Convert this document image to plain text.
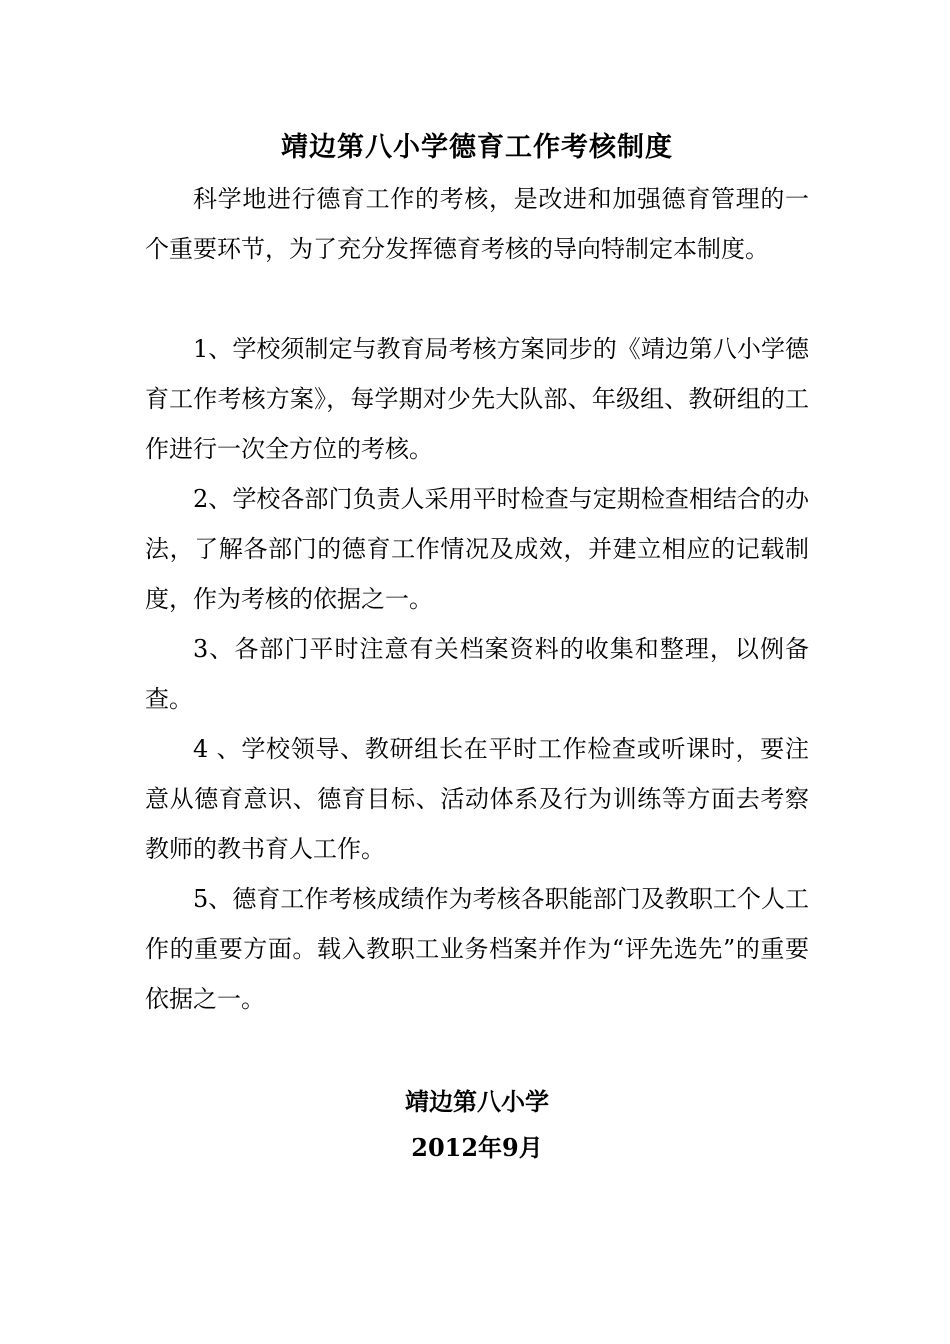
靖边第八小学德育工作考核制度

科学地进行德育工作的考核，是改进和加强德育管理的一个重要环节，为了充分发挥德育考核的导向特制定本制度。

1、学校须制定与教育局考核方案同步的《靖边第八小学德育工作考核方案》，每学期对少先大队部、年级组、教研组的工作进行一次全方位的考核。

2、学校各部门负责人采用平时检查与定期检查相结合的办法，了解各部门的德育工作情况及成效，并建立相应的记载制度，作为考核的依据之一。

3、各部门平时注意有关档案资料的收集和整理，以例备查。

4 、学校领导、教研组长在平时工作检查或听课时，要注意从德育意识、德育目标、活动体系及行为训练等方面去考察教师的教书育人工作。

5、德育工作考核成绩作为考核各职能部门及教职工个人工作的重要方面。载入教职工业务档案并作为“评先选先”的重要依据之一。

靖边第八小学
2012年9月
